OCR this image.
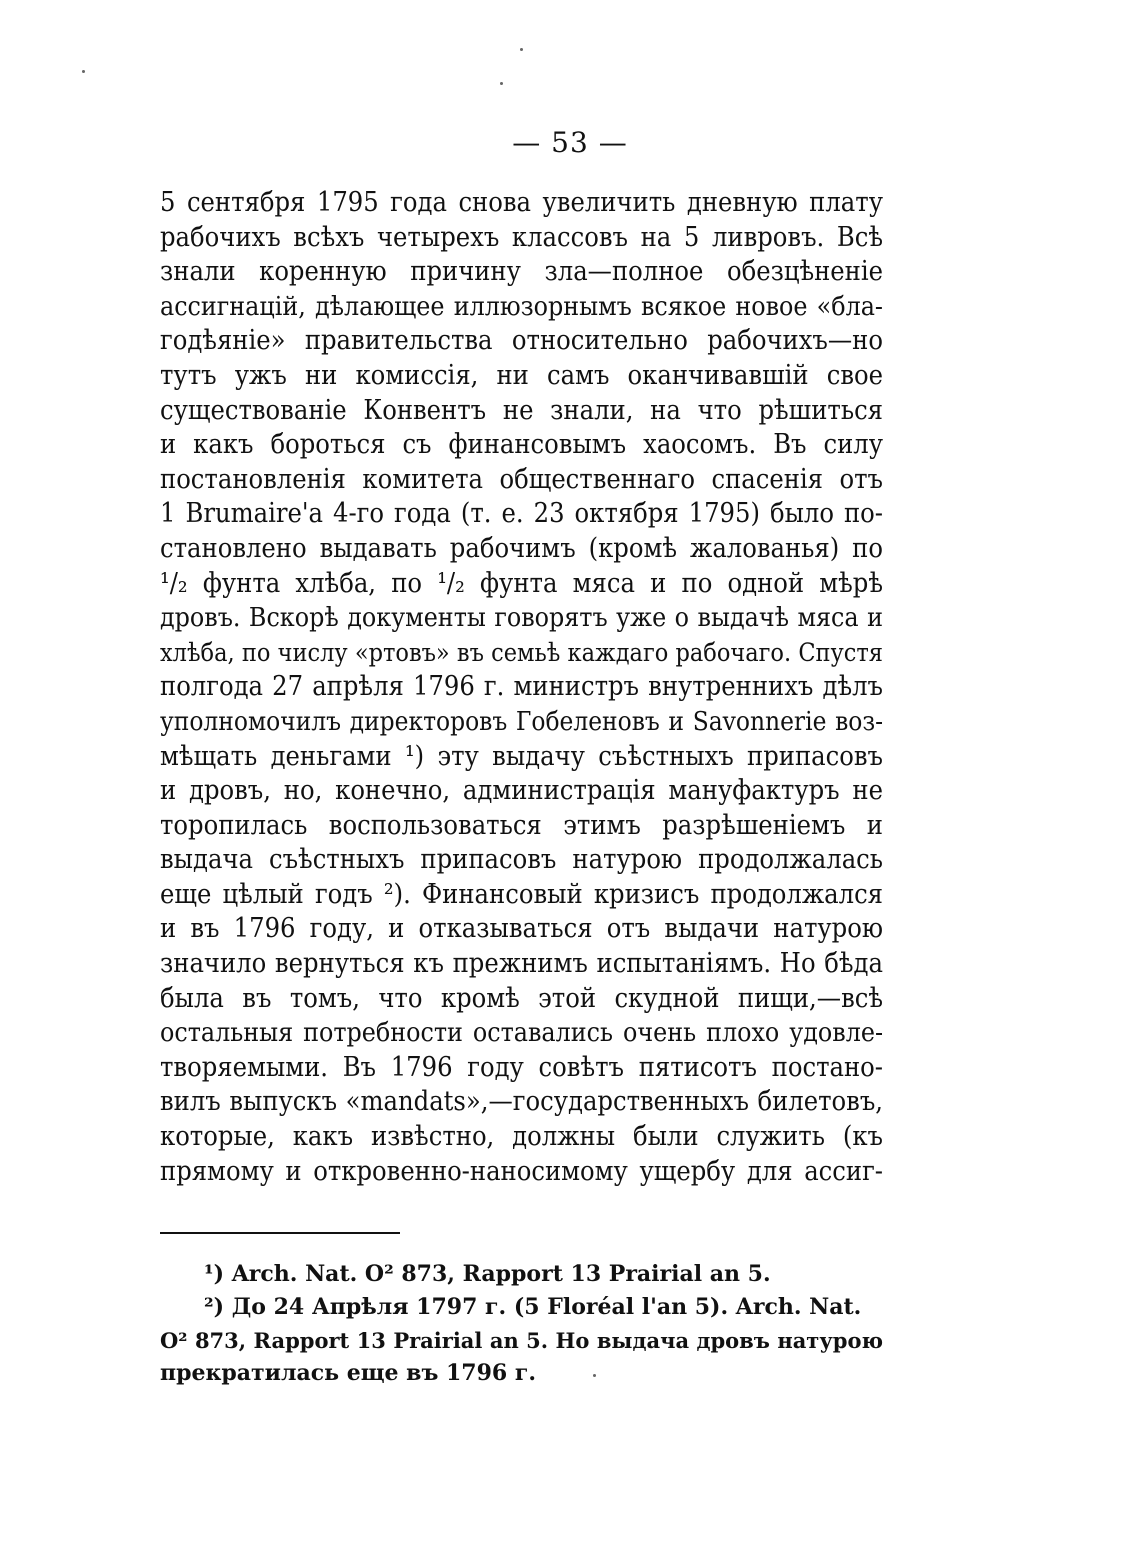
— 53 —
5 сентября 1795 года снова увеличить дневную плату
рабочихъ всѣхъ четырехъ классовъ на 5 ливровъ. Всѣ
знали коренную причину зла—полное обезцѣненіе
ассигнацій, дѣлающее иллюзорнымъ всякое новое «бла-
годѣяніе» правительства относительно рабочихъ—но
тутъ ужъ ни комиссія, ни самъ оканчивавшій свое
существованіе Конвентъ не знали, на что рѣшиться
и какъ бороться съ финансовымъ хаосомъ. Въ силу
постановленія комитета общественнаго спасенія отъ
1 Brumaire'a 4-го года (т. е. 23 октября 1795) было по-
становлено выдавать рабочимъ (кромѣ жалованья) по
¹/₂ фунта хлѣба, по ¹/₂ фунта мяса и по одной мѣрѣ
дровъ. Вскорѣ документы говорятъ уже о выдачѣ мяса и
хлѣба, по числу «ртовъ» въ семьѣ каждаго рабочаго. Спустя
полгода 27 апрѣля 1796 г. министръ внутреннихъ дѣлъ
уполномочилъ директоровъ Гобеленовъ и Savonnerie воз-
мѣщать деньгами ¹) эту выдачу съѣстныхъ припасовъ
и дровъ, но, конечно, администрація мануфактуръ не
торопилась воспользоваться этимъ разрѣшеніемъ и
выдача съѣстныхъ припасовъ натурою продолжалась
еще цѣлый годъ ²). Финансовый кризисъ продолжался
и въ 1796 году, и отказываться отъ выдачи натурою
значило вернуться къ прежнимъ испытаніямъ. Но бѣда
была въ томъ, что кромѣ этой скудной пищи,—всѣ
остальныя потребности оставались очень плохо удовле-
творяемыми. Въ 1796 году совѣтъ пятисотъ постано-
вилъ выпускъ «mandats»,—государственныхъ билетовъ,
которые, какъ извѣстно, должны были служить (къ
прямому и откровенно-наносимому ущербу для ассиг-
¹) Arch. Nat. O² 873, Rapport 13 Prairial an 5.
²) До 24 Апрѣля 1797 г. (5 Floréal l'an 5). Arch. Nat.
O² 873, Rapport 13 Prairial an 5. Но выдача дровъ натурою
прекратилась еще въ 1796 г.
